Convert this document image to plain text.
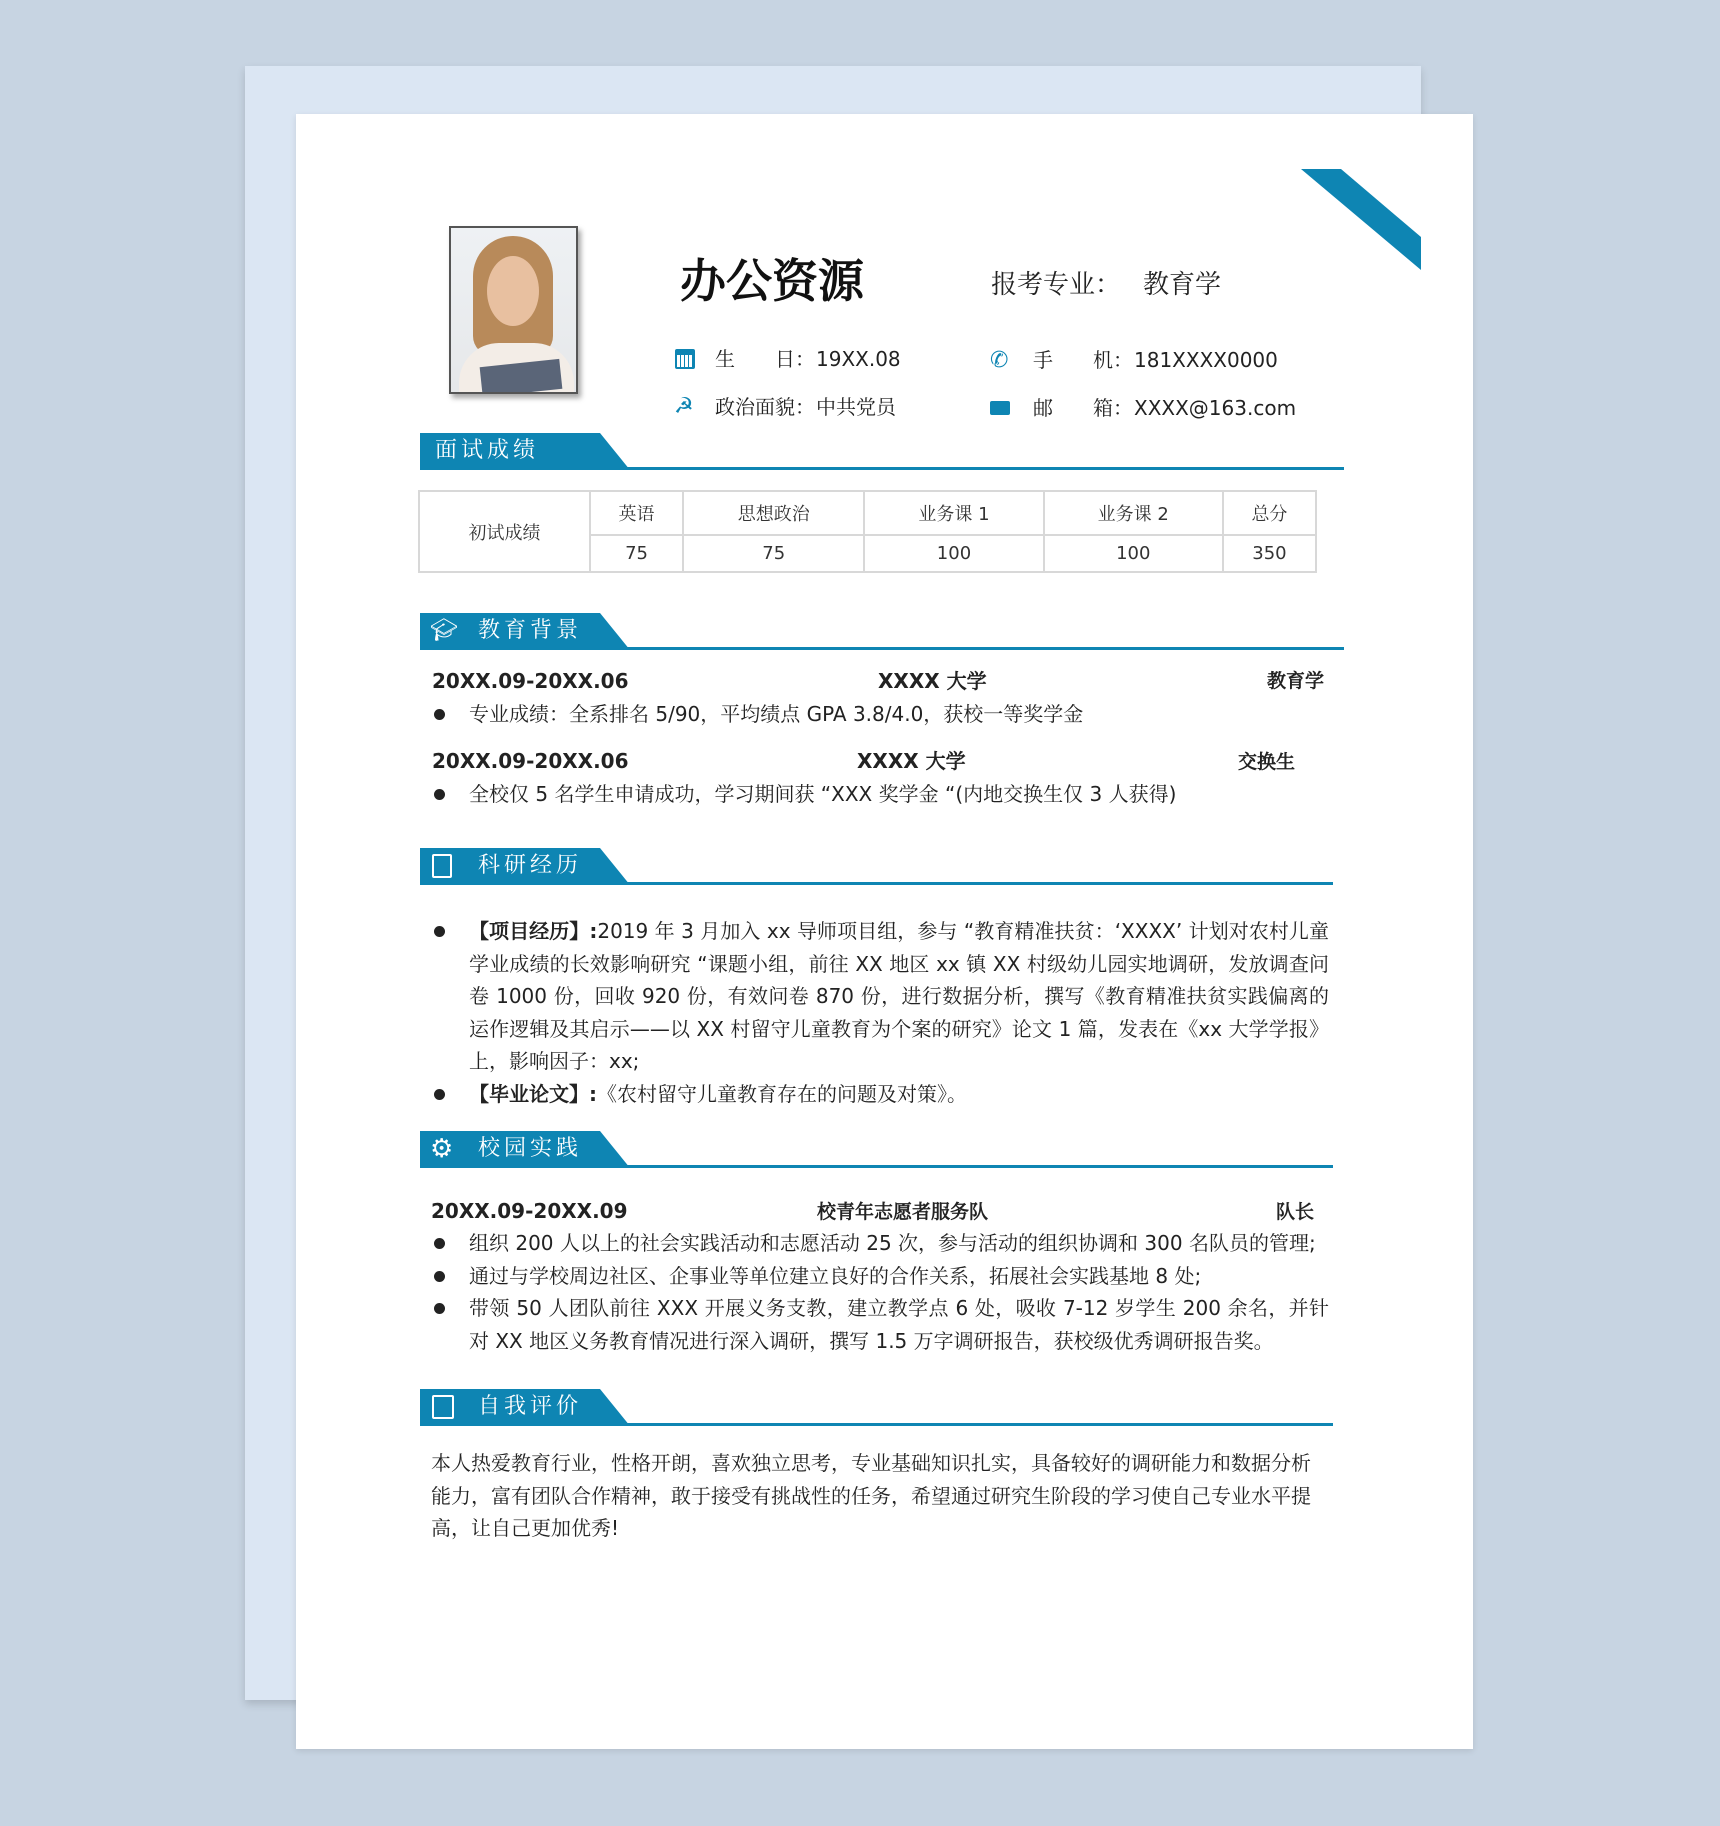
办公资源	报考专业： 教育学
生　　日： 19XX.08
☭ 政治面貌： 中共党员
✆ 手　　机： 181XXXX0000
邮　　箱： XXXX@163.com
面试成绩
初试成绩	英语	思想政治	业务课 1	业务课 2	总分
	75	75	100	100	350
🎓︎ 教育背景
20XX.09-20XX.06	XXXX 大学	教育学
专业成绩：全系排名 5/90，平均绩点 GPA 3.8/4.0，获校一等奖学金
20XX.09-20XX.06	XXXX 大学	交换生
全校仅 5 名学生申请成功，学习期间获 “XXX 奖学金 “(内地交换生仅 3 人获得)
科研经历
【项目经历】:2019 年 3 月加入 xx 导师项目组，参与 “教育精准扶贫：‘XXXX’ 计划对农村儿童学业成绩的长效影响研究 “课题小组，前往 XX 地区 xx 镇 XX 村级幼儿园实地调研，发放调查问卷 1000 份，回收 920 份，有效问卷 870 份，进行数据分析，撰写《教育精准扶贫实践偏离的运作逻辑及其启示——以 XX 村留守儿童教育为个案的研究》论文 1 篇，发表在《xx 大学学报》上，影响因子：xx;
【毕业论文】:《农村留守儿童教育存在的问题及对策》。
⚙ 校园实践
20XX.09-20XX.09	校青年志愿者服务队	队长
组织 200 人以上的社会实践活动和志愿活动 25 次，参与活动的组织协调和 300 名队员的管理;
通过与学校周边社区、企事业等单位建立良好的合作关系，拓展社会实践基地 8 处;
带领 50 人团队前往 XXX 开展义务支教，建立教学点 6 处，吸收 7-12 岁学生 200 余名，并针对 XX 地区义务教育情况进行深入调研，撰写 1.5 万字调研报告，获校级优秀调研报告奖。
自我评价
本人热爱教育行业，性格开朗，喜欢独立思考，专业基础知识扎实，具备较好的调研能力和数据分析能力，富有团队合作精神，敢于接受有挑战性的任务，希望通过研究生阶段的学习使自己专业水平提高，让自己更加优秀!
